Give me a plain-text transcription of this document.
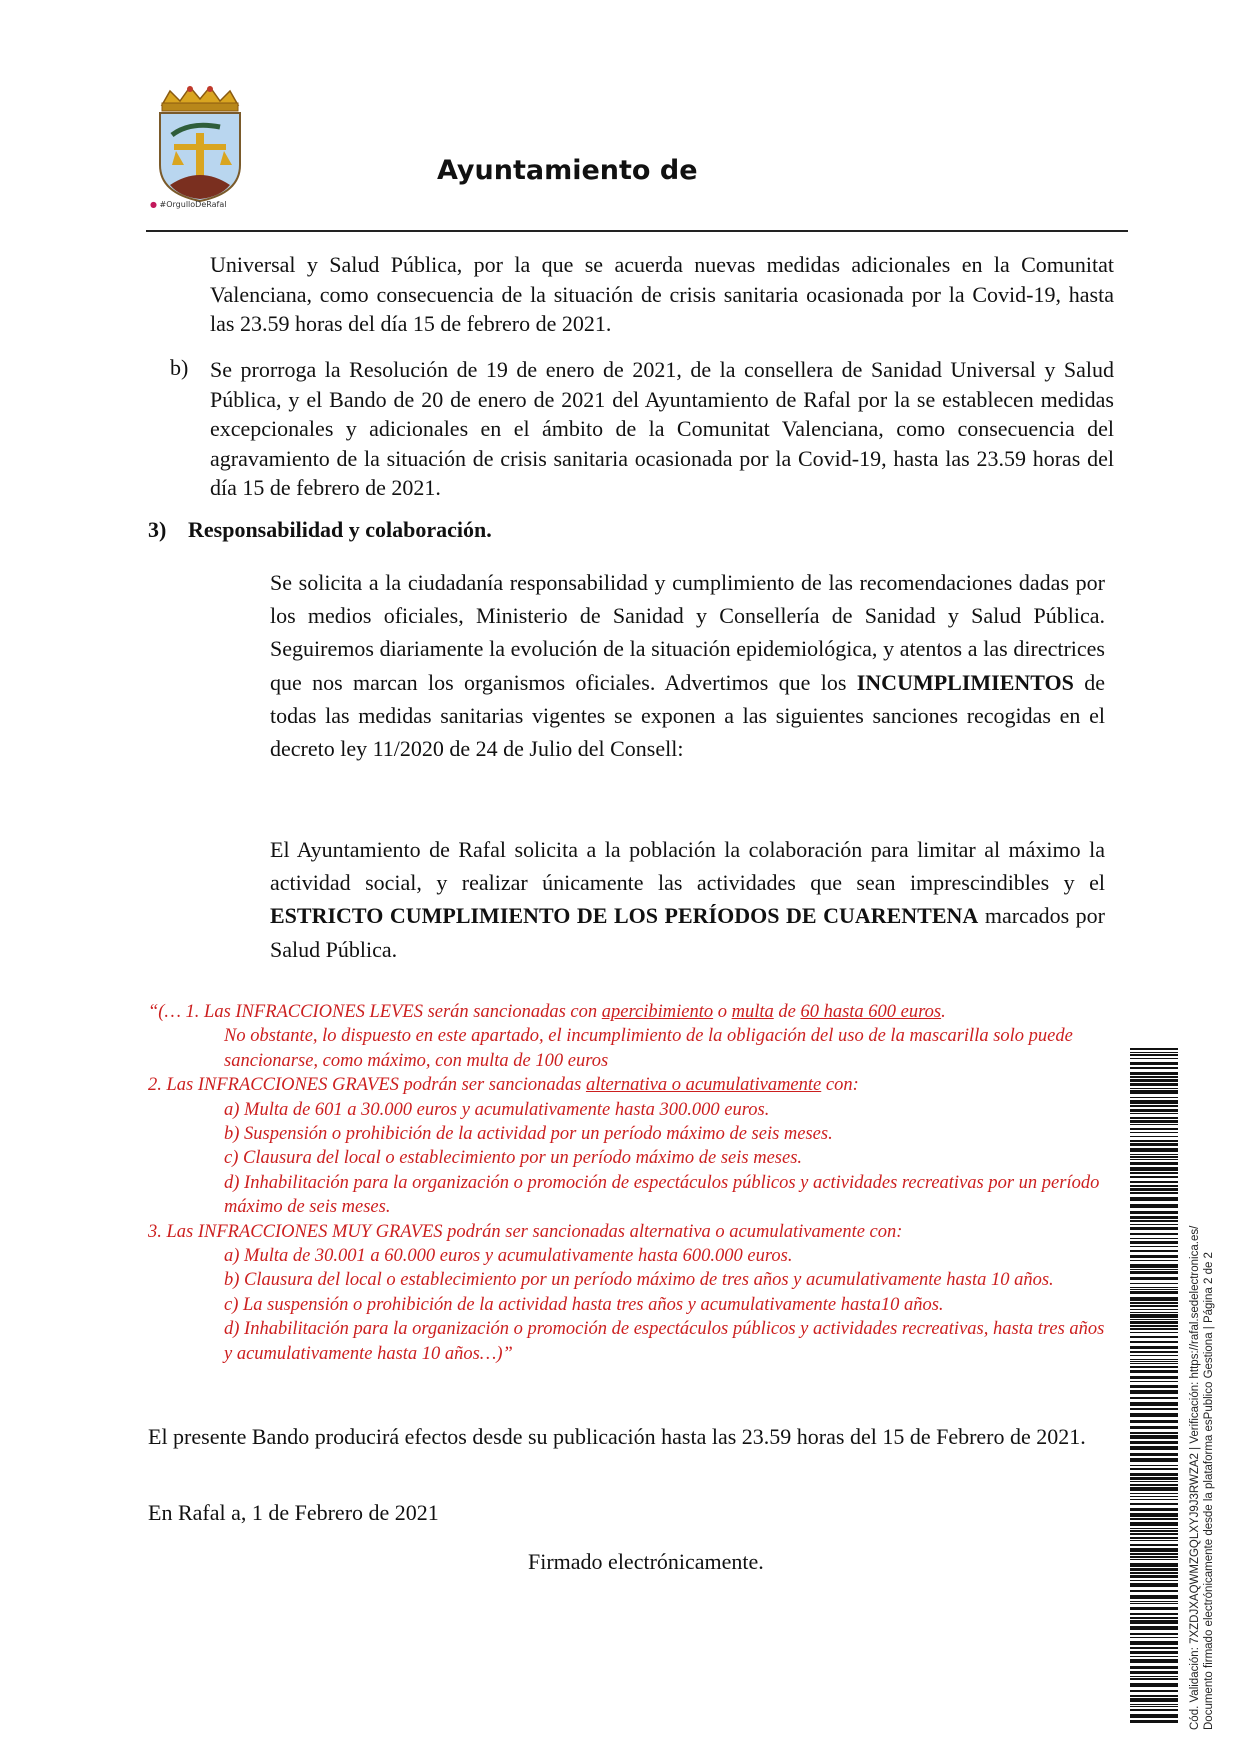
● #OrgulloDeRafal
Ayuntamiento de
Universal y Salud Pública, por la que se acuerda nuevas medidas adicionales en la Comunitat Valenciana, como consecuencia de la situación de crisis sanitaria ocasionada por la Covid-19, hasta las 23.59 horas del día 15 de febrero de 2021.
b) Se prorroga la Resolución de 19 de enero de 2021, de la consellera de Sanidad Universal y Salud Pública, y el Bando de 20 de enero de 2021 del Ayuntamiento de Rafal por la se establecen medidas excepcionales y adicionales en el ámbito de la Comunitat Valenciana, como consecuencia del agravamiento de la situación de crisis sanitaria ocasionada por la Covid-19, hasta las 23.59 horas del día 15 de febrero de 2021.
3) Responsabilidad y colaboración.
Se solicita a la ciudadanía responsabilidad y cumplimiento de las recomendaciones dadas por los medios oficiales, Ministerio de Sanidad y Consellería de Sanidad y Salud Pública. Seguiremos diariamente la evolución de la situación epidemiológica, y atentos a las directrices que nos marcan los organismos oficiales. Advertimos que los INCUMPLIMIENTOS de todas las medidas sanitarias vigentes se exponen a las siguientes sanciones recogidas en el decreto ley 11/2020 de 24 de Julio del Consell:
El Ayuntamiento de Rafal solicita a la población la colaboración para limitar al máximo la actividad social, y realizar únicamente las actividades que sean imprescindibles y el ESTRICTO CUMPLIMIENTO DE LOS PERÍODOS DE CUARENTENA marcados por Salud Pública.
“(… 1. Las INFRACCIONES LEVES serán sancionadas con apercibimiento o multa de 60 hasta 600 euros.
No obstante, lo dispuesto en este apartado, el incumplimiento de la obligación del uso de la mascarilla solo puede sancionarse, como máximo, con multa de 100 euros
2. Las INFRACCIONES GRAVES podrán ser sancionadas alternativa o acumulativamente con:
a) Multa de 601 a 30.000 euros y acumulativamente hasta 300.000 euros.
b) Suspensión o prohibición de la actividad por un período máximo de seis meses.
c) Clausura del local o establecimiento por un período máximo de seis meses.
d) Inhabilitación para la organización o promoción de espectáculos públicos y actividades recreativas por un período máximo de seis meses.
3. Las INFRACCIONES MUY GRAVES podrán ser sancionadas alternativa o acumulativamente con:
a) Multa de 30.001 a 60.000 euros y acumulativamente hasta 600.000 euros.
b) Clausura del local o establecimiento por un período máximo de tres años y acumulativamente hasta 10 años.
c) La suspensión o prohibición de la actividad hasta tres años y acumulativamente hasta10 años.
d) Inhabilitación para la organización o promoción de espectáculos públicos y actividades recreativas, hasta tres años y acumulativamente hasta 10 años…)”
El presente Bando producirá efectos desde su publicación hasta las 23.59 horas del 15 de Febrero de 2021.
En Rafal a, 1 de Febrero de 2021
Firmado electrónicamente.	Cód. Validación: 7XZDJXAQWMZGQLXYJ9J3RWZA2 | Verificación: https://rafal.sedelectronica.es/ Documento firmado electrónicamente desde la plataforma esPublico Gestiona | Página 2 de 2
